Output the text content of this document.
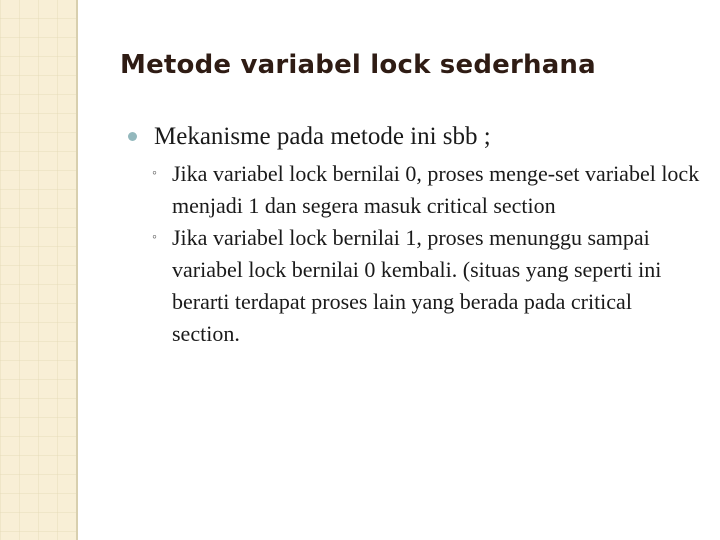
Metode variabel lock sederhana
Mekanisme pada metode ini sbb ;
◦ Jika variabel lock bernilai 0, proses menge-set variabel lock menjadi 1 dan segera masuk critical section
◦ Jika variabel lock bernilai 1, proses menunggu sampai variabel lock bernilai 0 kembali. (situas yang seperti ini berarti terdapat proses lain yang berada pada critical section.
